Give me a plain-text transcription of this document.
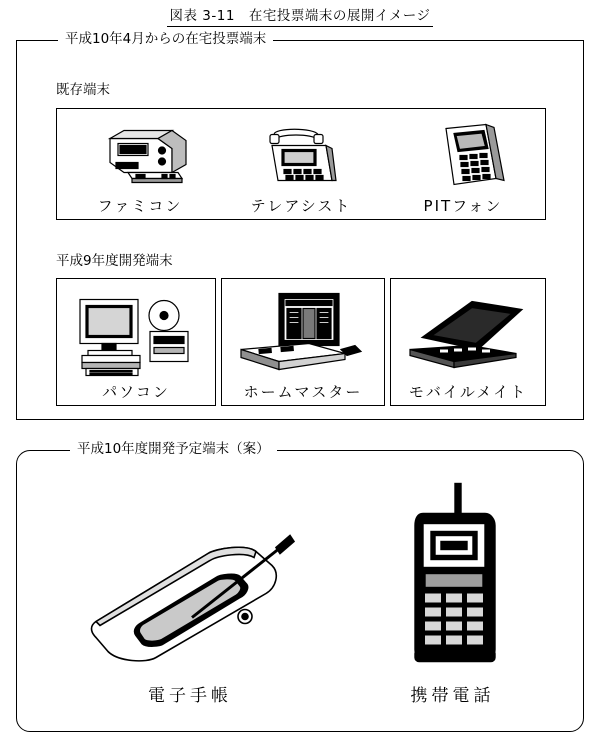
図表 3-11　在宅投票端末の展開イメージ
平成10年4月からの在宅投票端末
既存端末
ファミコン	テレアシスト	PITフォン
平成9年度開発端末
パソコン	ホームマスター	モバイルメイト
平成10年度開発予定端末（案）
電子手帳	携帯電話
